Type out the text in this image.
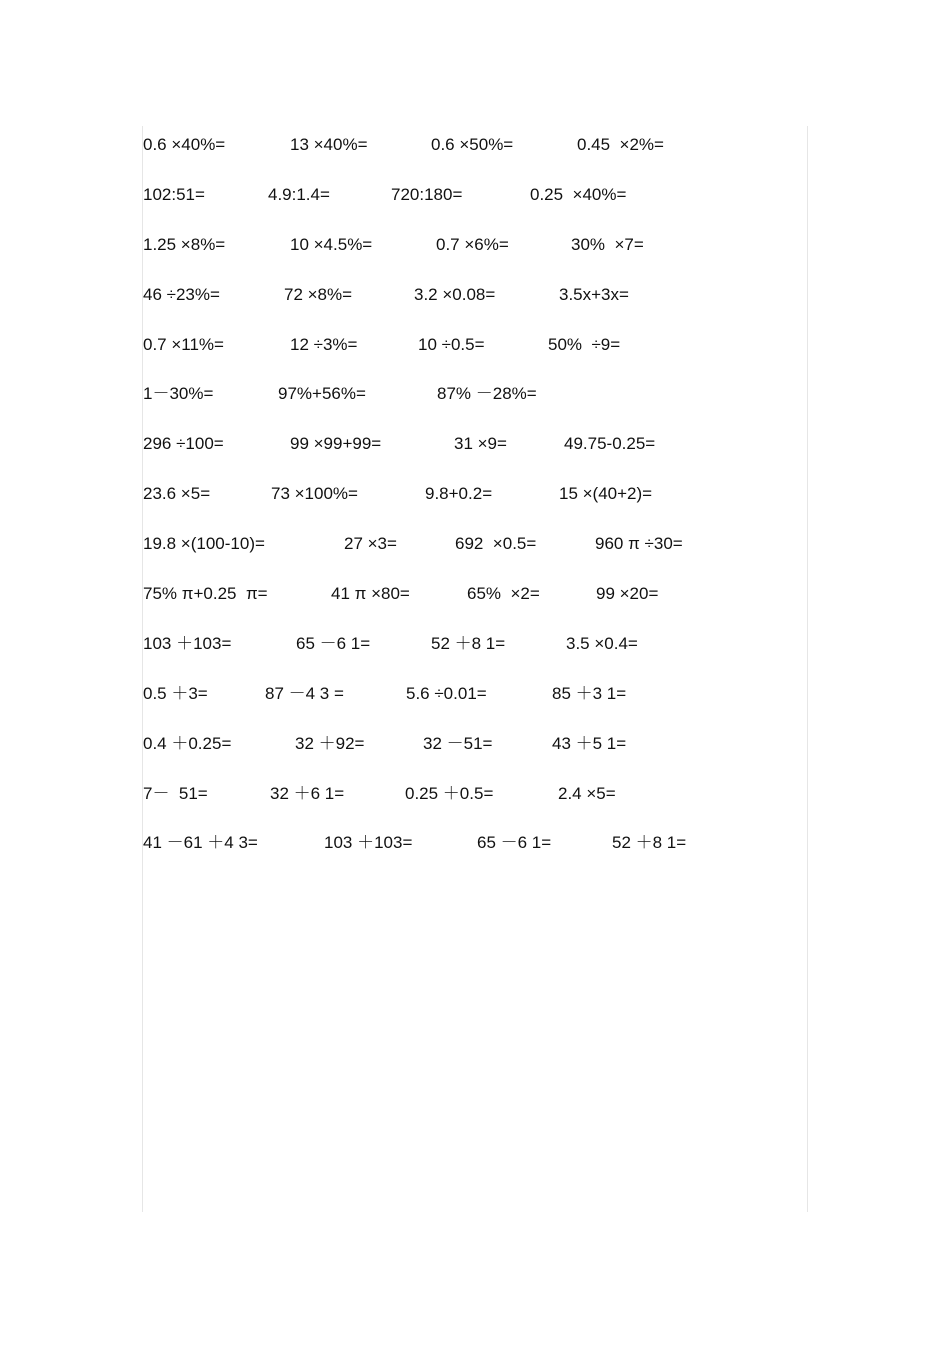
0.6 ×40%=	13 ×40%=	0.6 ×50%=	0.45  ×2%=
102:51=	4.9:1.4=	720:180=	0.25  ×40%=
1.25 ×8%=	10 ×4.5%=	0.7 ×6%=	30%  ×7=
46 ÷23%=	72 ×8%=	3.2 ×0.08=	3.5x+3x=
0.7 ×11%=	12 ÷3%=	10 ÷0.5=	50%  ÷9=
1－30%=	97%+56%=	87% －28%=
296 ÷100=	99 ×99+99=	31 ×9=	49.75-0.25=
23.6 ×5=	73 ×100%=	9.8+0.2=	15 ×(40+2)=
19.8 ×(100-10)=	27 ×3=	692  ×0.5=	960 π ÷30=
75% π+0.25  π=	41 π ×80=	65%  ×2=	99 ×20=
103 ＋103=	65 －6 1=	52 ＋8 1=	3.5 ×0.4=
0.5 ＋3=	87 －4 3 =	5.6 ÷0.01=	85 ＋3 1=
0.4 ＋0.25=	32 ＋92=	32 －51=	43 ＋5 1=
7－  51=	32 ＋6 1=	0.25 ＋0.5=	2.4 ×5=
41 －61 ＋4 3=	103 ＋103=	65 －6 1=	52 ＋8 1=
